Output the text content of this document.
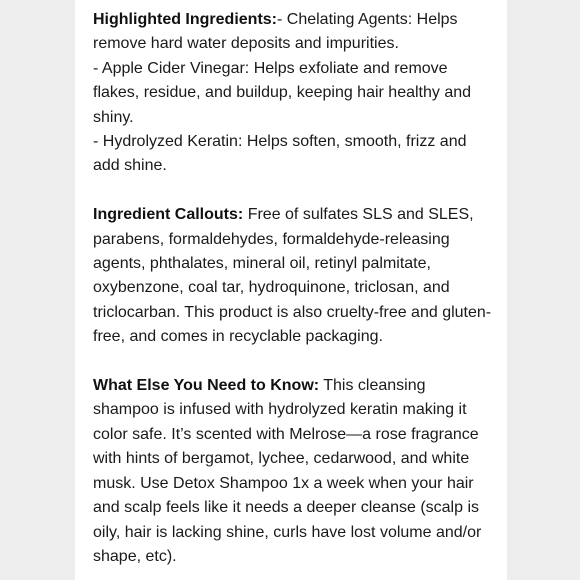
Highlighted Ingredients:- Chelating Agents: Helps remove hard water deposits and impurities.
- Apple Cider Vinegar: Helps exfoliate and remove flakes, residue, and buildup, keeping hair healthy and shiny.
- Hydrolyzed Keratin: Helps soften, smooth, frizz and add shine.

Ingredient Callouts: Free of sulfates SLS and SLES, parabens, formaldehydes, formaldehyde-releasing agents, phthalates, mineral oil, retinyl palmitate, oxybenzone, coal tar, hydroquinone, triclosan, and triclocarban. This product is also cruelty-free and gluten-free, and comes in recyclable packaging.

What Else You Need to Know: This cleansing shampoo is infused with hydrolyzed keratin making it color safe. It’s scented with Melrose—a rose fragrance with hints of bergamot, lychee, cedarwood, and white musk. Use Detox Shampoo 1x a week when your hair and scalp feels like it needs a deeper cleanse (scalp is oily, hair is lacking shine, curls have lost volume and/or shape, etc).
